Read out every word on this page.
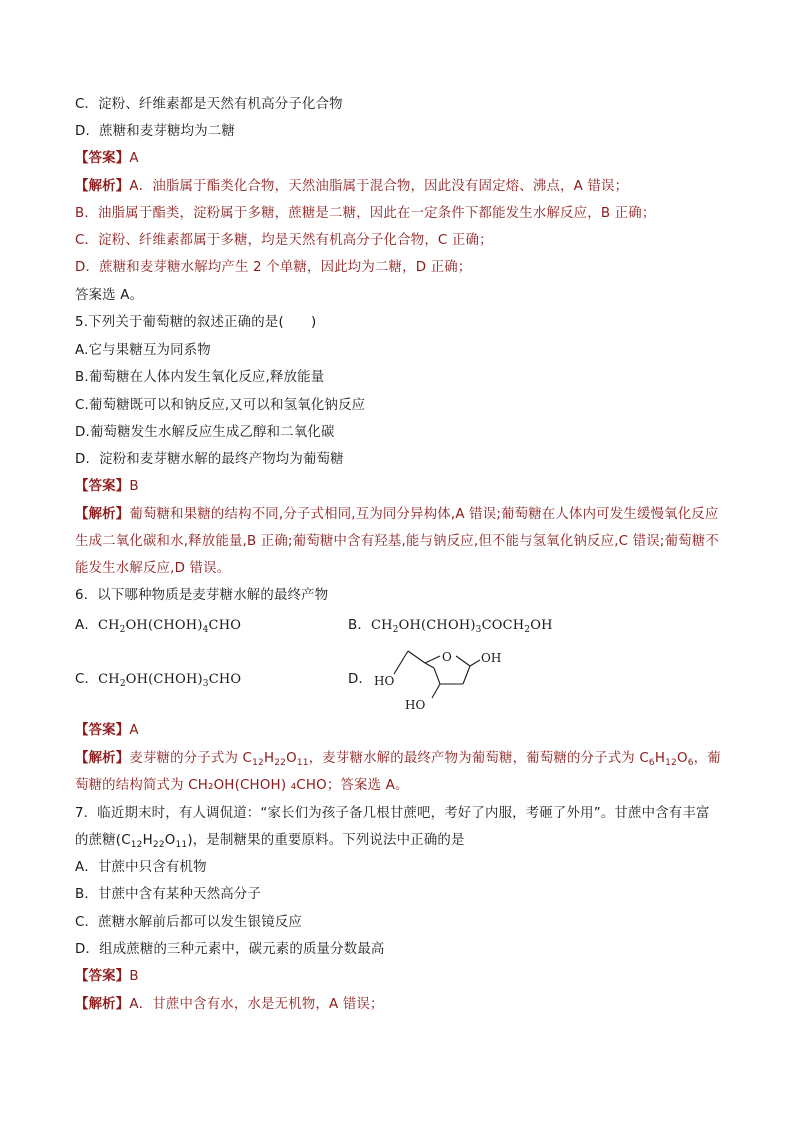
C．淀粉、纤维素都是天然有机高分子化合物

D．蔗糖和麦芽糖均为二糖

【答案】A

【解析】A．油脂属于酯类化合物，天然油脂属于混合物，因此没有固定熔、沸点，A 错误；

B．油脂属于酯类，淀粉属于多糖，蔗糖是二糖，因此在一定条件下都能发生水解反应，B 正确；

C．淀粉、纤维素都属于多糖，均是天然有机高分子化合物，C 正确；

D．蔗糖和麦芽糖水解均产生 2 个单糖，因此均为二糖，D 正确；

答案选 A。

5.下列关于葡萄糖的叙述正确的是(　　)

A.它与果糖互为同系物

B.葡萄糖在人体内发生氧化反应,释放能量

C.葡萄糖既可以和钠反应,又可以和氢氧化钠反应

D.葡萄糖发生水解反应生成乙醇和二氧化碳

D．淀粉和麦芽糖水解的最终产物均为葡萄糖

【答案】B

【解析】葡萄糖和果糖的结构不同,分子式相同,互为同分异构体,A 错误;葡萄糖在人体内可发生缓慢氧化反应生成二氧化碳和水,释放能量,B 正确;葡萄糖中含有羟基,能与钠反应,但不能与氢氧化钠反应,C 错误;葡萄糖不能发生水解反应,D 错误。

6．以下哪种物质是麦芽糖水解的最终产物

A．$CH_2OH(CHOH)_4CHO$	B．$CH_2OH(CHOH)_3COCH_2OH$

C．$CH_2OH(CHOH)_3CHO$	D．

O OH
HO
HO

【答案】A

【解析】麦芽糖的分子式为 $C_{12}H_{22}O_{11}$，麦芽糖水解的最终产物为葡萄糖，葡萄糖的分子式为 $C_6H_{12}O_6$，葡

萄糖的结构简式为 CH₂OH(CHOH) ₄CHO；答案选 A。

7．临近期末时，有人调侃道：“家长们为孩子备几根甘蔗吧，考好了内服，考砸了外用”。甘蔗中含有丰富

的蔗糖$(C_{12}H_{22}O_{11})$，是制糖果的重要原料。下列说法中正确的是

A．甘蔗中只含有机物

B．甘蔗中含有某种天然高分子

C．蔗糖水解前后都可以发生银镜反应

D．组成蔗糖的三种元素中，碳元素的质量分数最高

【答案】B

【解析】A．甘蔗中含有水，水是无机物，A 错误；
